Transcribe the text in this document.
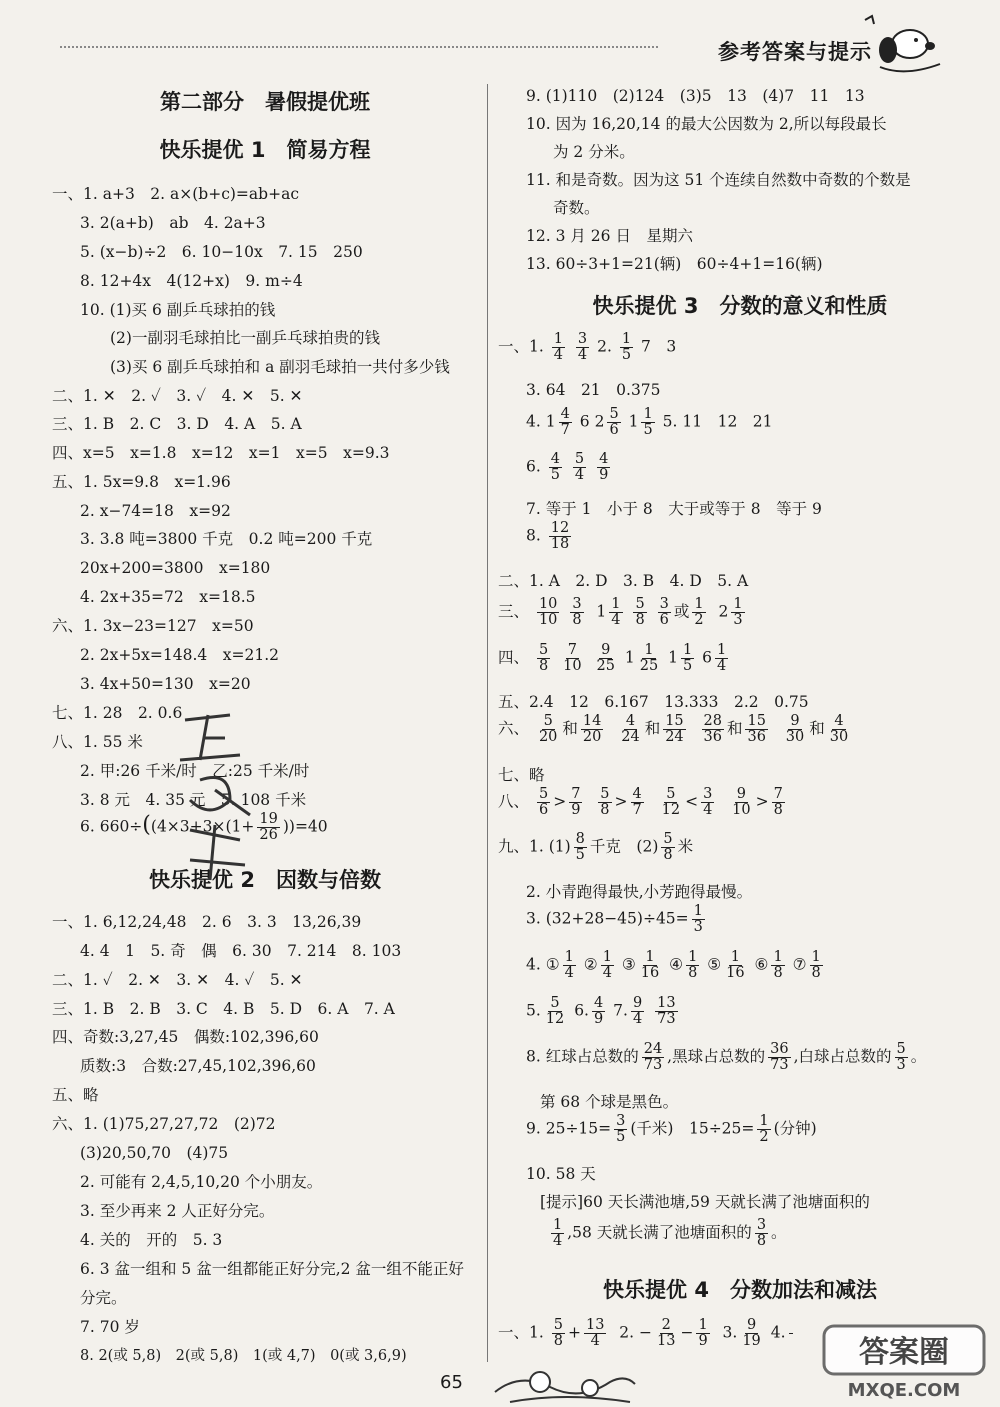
参考答案与提示
第二部分　暑假提优班
快乐提优 1　简易方程
一、1. a+3　2. a×(b+c)=ab+ac
3. 2(a+b)　ab　4. 2a+3
5. (x−b)÷2　6. 10−10x　7. 15　250
8. 12+4x　4(12+x)　9. m÷4
10. (1)买 6 副乒乓球拍的钱
(2)一副羽毛球拍比一副乒乓球拍贵的钱
(3)买 6 副乒乓球拍和 a 副羽毛球拍一共付多少钱
二、1. ✕　2. ✓　3. ✓　4. ✕　5. ✕
三、1. B　2. C　3. D　4. A　5. A
四、x=5　x=1.8　x=12　x=1　x=5　x=9.3
五、1. 5x=9.8　x=1.96
2. x−74=18　x=92
3. 3.8 吨=3800 千克　0.2 吨=200 千克
20x+200=3800　x=180
4. 2x+35=72　x=18.5
六、1. 3x−23=127　x=50
2. 2x+5x=148.4　x=21.2
3. 4x+50=130　x=20
七、1. 28　2. 0.6
八、1. 55 米
2. 甲:26 千米/时　乙:25 千米/时
3. 8 元　4. 35 元　5. 108 千米
6. $660\div((4\times 3+3\times(1+ \frac{19}{26} ))=40$
快乐提优 2　因数与倍数
一、1. 6,12,24,48　2. 6　3. 3　13,26,39
4. 4　1　5. 奇　偶　6. 30　7. 214　8. 103
二、1. ✓　2. ✕　3. ✕　4. ✓　5. ✕
三、1. B　2. B　3. C　4. B　5. D　6. A　7. A
四、奇数:3,27,45　偶数:102,396,60
质数:3　合数:27,45,102,396,60
五、略
六、1. (1)75,27,27,72　(2)72
(3)20,50,70　(4)75
2. 可能有 2,4,5,10,20 个小朋友。
3. 至少再来 2 人正好分完。
4. 关的　开的　5. 3
6. 3 盆一组和 5 盆一组都能正好分完,2 盆一组不能正好
分完。
7. 70 岁
8. 2(或 5,8)　2(或 5,8)　1(或 4,7)　0(或 3,6,9)
9. (1)110　(2)124　(3)5　13　(4)7　11　13
10. 因为 16,20,14 的最大公因数为 2,所以每段最长
为 2 分米。
11. 和是奇数。因为这 51 个连续自然数中奇数的个数是
奇数。
12. 3 月 26 日　星期六
13. 60÷3+1=21(辆)　60÷4+1=16(辆)
快乐提优 3　分数的意义和性质
一、1. $\frac{1}{4}$
$\frac{3}{4} 2$. $\frac{1}{5} 7$　3
3. 64　21　0.375
4. $1 \frac{4}{7} 6$ $2 \frac{5}{6} 1 \frac{1}{5} 5$. 11　12　21
6. $\frac{4}{5}$
$\frac{5}{4}$
$\frac{4}{9}$
7. 等于 1　小于 8　大于或等于 8　等于 9
8. $\frac{12}{18}$
二、1. A　2. D　3. B　4. D　5. A
三、 $\frac{10}{10}$
$\frac{3}{8} 1 \frac{1}{4}$
$\frac{5}{8}$
$\frac{3}{6}$ 或 $\frac{1}{2} 2 \frac{1}{3}$
四、 $\frac{5}{8}$
$\frac{7}{10}$
$\frac{9}{25} 1 \frac{1}{25} 1 \frac{1}{5} 6 \frac{1}{4}$
五、2.4　12　6.167　13.333　2.2　0.75
六、 $\frac{5}{20}$ 和 $\frac{14}{20}$
$\frac{4}{24}$ 和 $\frac{15}{24}$
$\frac{28}{36}$ 和 $\frac{15}{36}$
$\frac{9}{30}$ 和 $\frac{4}{30}$
七、略
八、 $\frac{5}{6} > \frac{7}{9}$
$\frac{5}{8} > \frac{4}{7}$
$\frac{5}{12} < \frac{3}{4}$
$\frac{9}{10} > \frac{7}{8}$
九、1. $(1) \frac{8}{5}$ 千克　$(2) \frac{5}{8}$ 米
2. 小青跑得最快,小芳跑得最慢。
3. $(32+28-45)\div 45= \frac{1}{3}$
4. ① $\frac{1}{4}$ ② $\frac{1}{4}$ ③ $\frac{1}{16}$ ④ $\frac{1}{8}$ ⑤ $\frac{1}{16}$ ⑥ $\frac{1}{8}$ ⑦ $\frac{1}{8}$
5. $\frac{5}{12} 6$. $\frac{4}{9} 7$. $\frac{9}{4}$
$\frac{13}{73}$
8. 红球占总数的 $\frac{24}{73}$ ,黑球占总数的 $\frac{36}{73}$ ,白球占总数的 $\frac{5}{3}$ 。
第 68 个球是黑色。
9. $25\div 15= \frac{3}{5}$ (千米)　$15\div 25= \frac{1}{2}$ (分钟)
10. 58 天
[提示]60 天长满池塘,59 天就长满了池塘面积的
$\frac{1}{4} ,58$ 天就长满了池塘面积的 $\frac{3}{8}$ 。
快乐提优 4　分数加法和减法
一、1. $\frac{5}{8} + \frac{13}{4} 2$. − $\frac{2}{13} - \frac{1}{9} 3$. $\frac{9}{19} 4$.
65
答案圈
MXQE.COM
